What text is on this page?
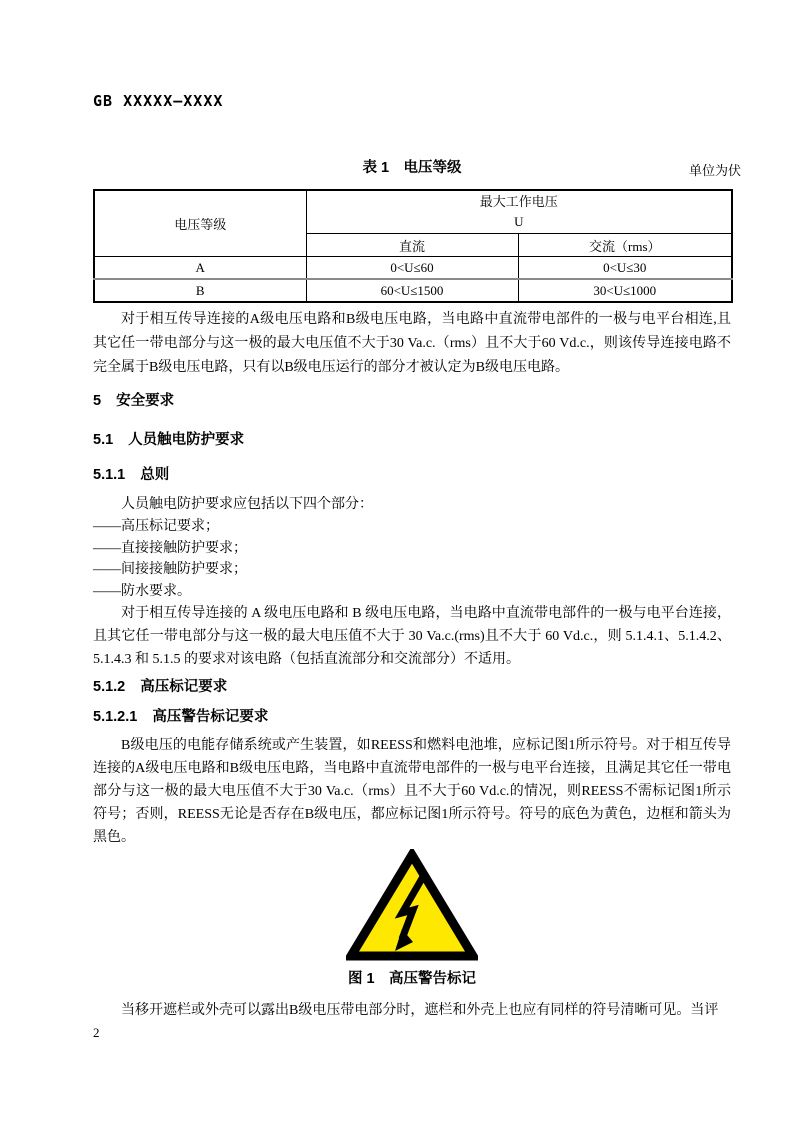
GB XXXXX—XXXX
表 1　电压等级	单位为伏
电压等级	最大工作电压
U	

	直流	交流（rms）
A	0<U≤60	0<U≤30
B	60<U≤1500	30<U≤1000

对于相互传导连接的A级电压电路和B级电压电路，当电路中直流带电部件的一极与电平台相连,且其它任一带电部分与这一极的最大电压值不大于30 Va.c.（rms）且不大于60 Vd.c.，则该传导连接电路不完全属于B级电压电路，只有以B级电压运行的部分才被认定为B级电压电路。

5 安全要求
5.1 人员触电防护要求
5.1.1 总则

人员触电防护要求应包括以下四个部分：

——高压标记要求；
——直接接触防护要求；
——间接接触防护要求；
——防水要求。

对于相互传导连接的 A 级电压电路和 B 级电压电路，当电路中直流带电部件的一极与电平台连接，且其它任一带电部分与这一极的最大电压值不大于 30 Va.c.(rms)且不大于 60 Vd.c.，则 5.1.4.1、5.1.4.2、5.1.4.3 和 5.1.5 的要求对该电路（包括直流部分和交流部分）不适用。

5.1.2 高压标记要求
5.1.2.1 高压警告标记要求

B级电压的电能存储系统或产生装置，如REESS和燃料电池堆，应标记图1所示符号。对于相互传导连接的A级电压电路和B级电压电路，当电路中直流带电部件的一极与电平台连接，且满足其它任一带电部分与这一极的最大电压值不大于30 Va.c.（rms）且不大于60 Vd.c.的情况，则REESS不需标记图1所示符号；否则，REESS无论是否存在B级电压，都应标记图1所示符号。符号的底色为黄色，边框和箭头为黑色。

图 1　高压警告标记

当移开遮栏或外壳可以露出B级电压带电部分时，遮栏和外壳上也应有同样的符号清晰可见。当评

2
